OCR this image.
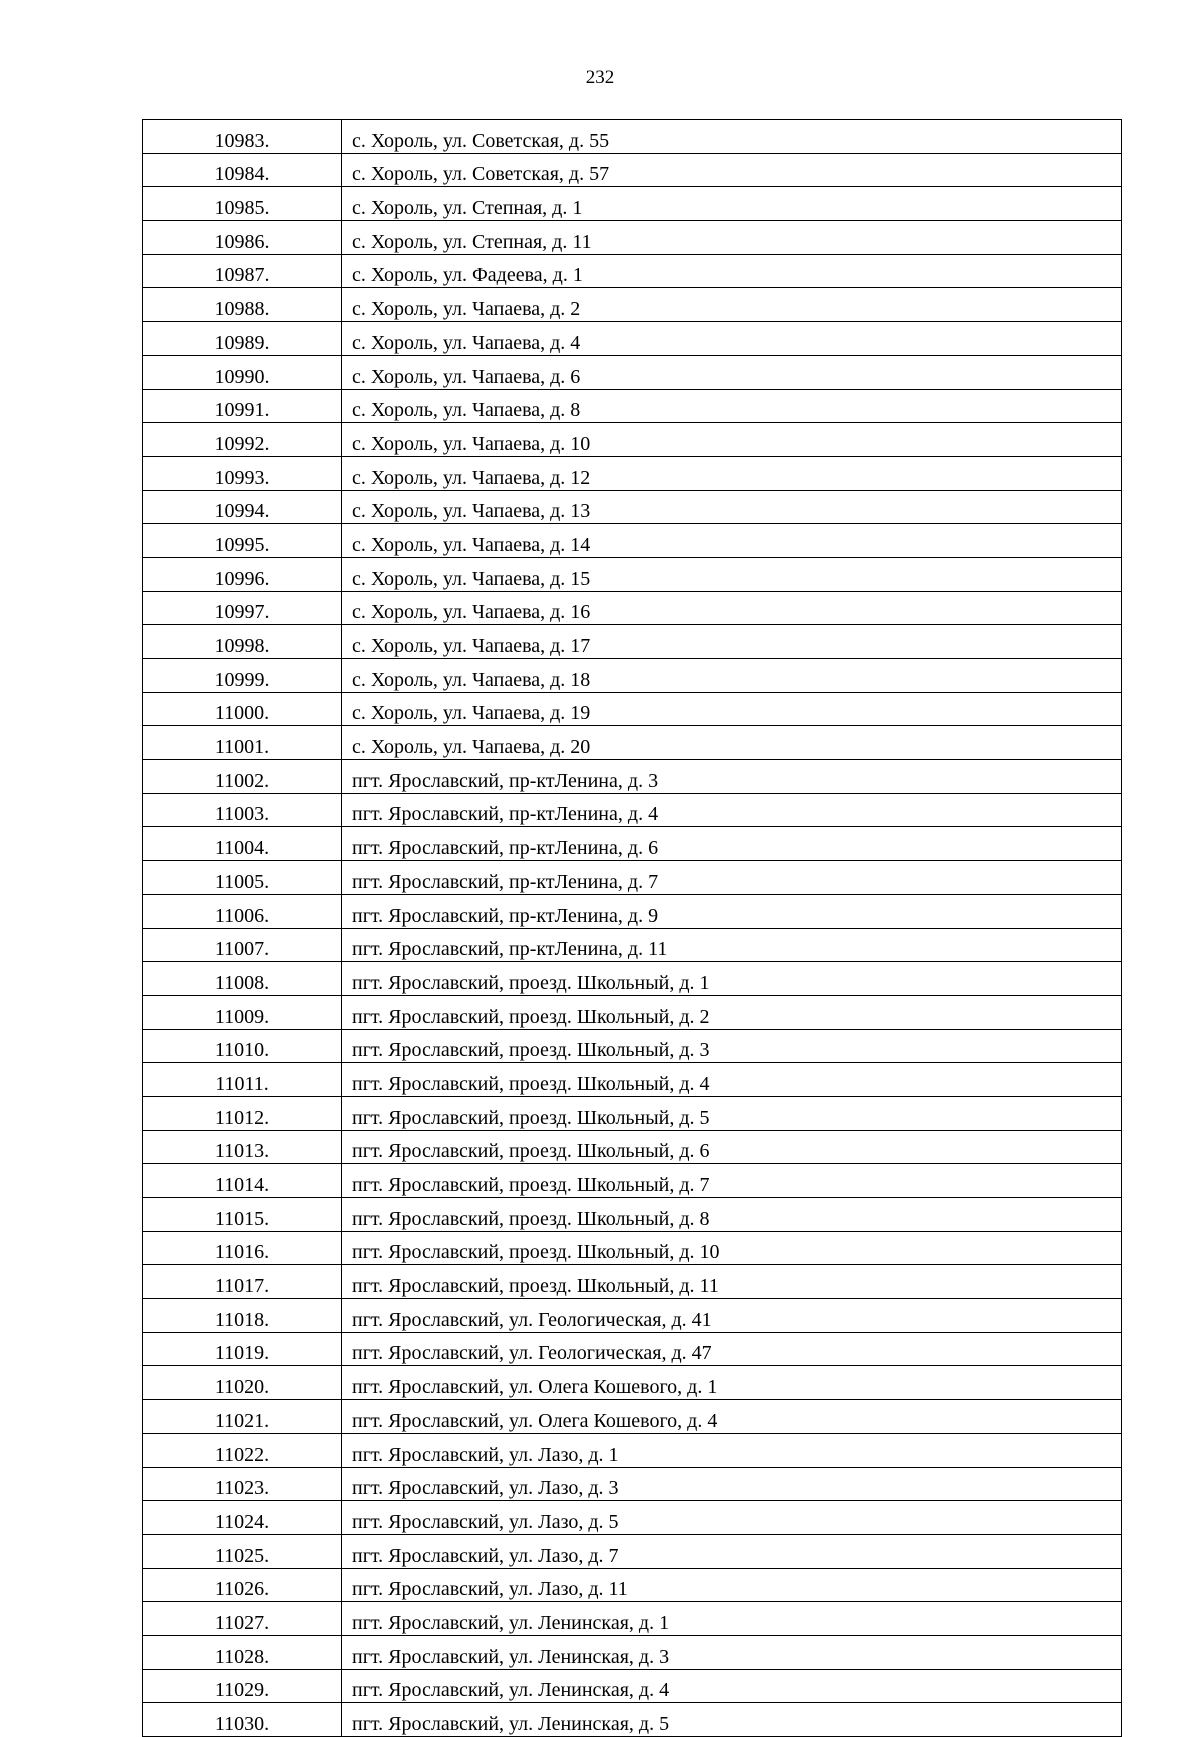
232
10983.	с. Хороль, ул. Советская, д. 55
10984.	с. Хороль, ул. Советская, д. 57
10985.	с. Хороль, ул. Степная, д. 1
10986.	с. Хороль, ул. Степная, д. 11
10987.	с. Хороль, ул. Фадеева, д. 1
10988.	с. Хороль, ул. Чапаева, д. 2
10989.	с. Хороль, ул. Чапаева, д. 4
10990.	с. Хороль, ул. Чапаева, д. 6
10991.	с. Хороль, ул. Чапаева, д. 8
10992.	с. Хороль, ул. Чапаева, д. 10
10993.	с. Хороль, ул. Чапаева, д. 12
10994.	с. Хороль, ул. Чапаева, д. 13
10995.	с. Хороль, ул. Чапаева, д. 14
10996.	с. Хороль, ул. Чапаева, д. 15
10997.	с. Хороль, ул. Чапаева, д. 16
10998.	с. Хороль, ул. Чапаева, д. 17
10999.	с. Хороль, ул. Чапаева, д. 18
11000.	с. Хороль, ул. Чапаева, д. 19
11001.	с. Хороль, ул. Чапаева, д. 20
11002.	пгт. Ярославский, пр-ктЛенина, д. 3
11003.	пгт. Ярославский, пр-ктЛенина, д. 4
11004.	пгт. Ярославский, пр-ктЛенина, д. 6
11005.	пгт. Ярославский, пр-ктЛенина, д. 7
11006.	пгт. Ярославский, пр-ктЛенина, д. 9
11007.	пгт. Ярославский, пр-ктЛенина, д. 11
11008.	пгт. Ярославский, проезд. Школьный, д. 1
11009.	пгт. Ярославский, проезд. Школьный, д. 2
11010.	пгт. Ярославский, проезд. Школьный, д. 3
11011.	пгт. Ярославский, проезд. Школьный, д. 4
11012.	пгт. Ярославский, проезд. Школьный, д. 5
11013.	пгт. Ярославский, проезд. Школьный, д. 6
11014.	пгт. Ярославский, проезд. Школьный, д. 7
11015.	пгт. Ярославский, проезд. Школьный, д. 8
11016.	пгт. Ярославский, проезд. Школьный, д. 10
11017.	пгт. Ярославский, проезд. Школьный, д. 11
11018.	пгт. Ярославский, ул. Геологическая, д. 41
11019.	пгт. Ярославский, ул. Геологическая, д. 47
11020.	пгт. Ярославский, ул. Олега Кошевого, д. 1
11021.	пгт. Ярославский, ул. Олега Кошевого, д. 4
11022.	пгт. Ярославский, ул. Лазо, д. 1
11023.	пгт. Ярославский, ул. Лазо, д. 3
11024.	пгт. Ярославский, ул. Лазо, д. 5
11025.	пгт. Ярославский, ул. Лазо, д. 7
11026.	пгт. Ярославский, ул. Лазо, д. 11
11027.	пгт. Ярославский, ул. Ленинская, д. 1
11028.	пгт. Ярославский, ул. Ленинская, д. 3
11029.	пгт. Ярославский, ул. Ленинская, д. 4
11030.	пгт. Ярославский, ул. Ленинская, д. 5
